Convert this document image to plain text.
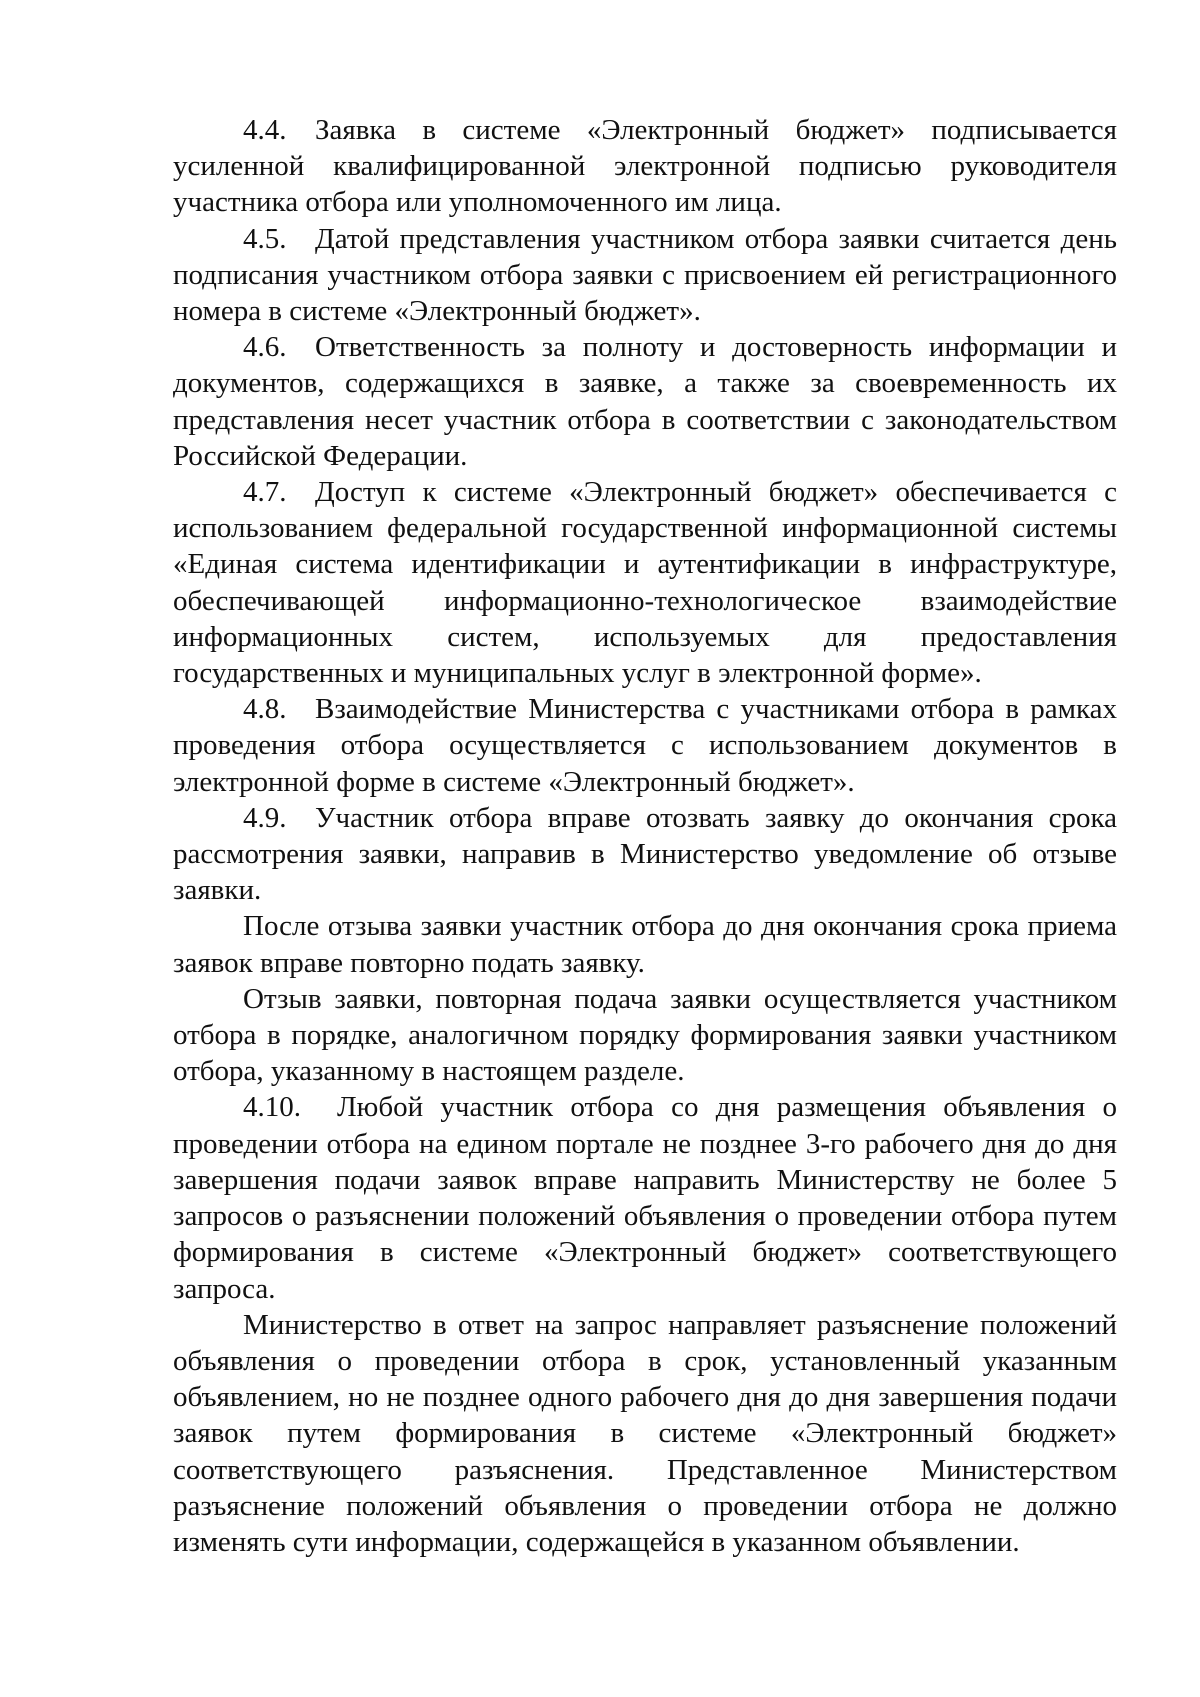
4.4. Заявка в системе «Электронный бюджет» подписывается усиленной квалифицированной электронной подписью руководителя участника отбора или уполномоченного им лица.

4.5. Датой представления участником отбора заявки считается день подписания участником отбора заявки с присвоением ей регистрационного номера в системе «Электронный бюджет».

4.6. Ответственность за полноту и достоверность информации и документов, содержащихся в заявке, а также за своевременность их представления несет участник отбора в соответствии с законодательством Российской Федерации.

4.7. Доступ к системе «Электронный бюджет» обеспечивается с использованием федеральной государственной информационной системы «Единая система идентификации и аутентификации в инфраструктуре, обеспечивающей информационно-технологическое взаимодействие информационных систем, используемых для предоставления государственных и муниципальных услуг в электронной форме».

4.8. Взаимодействие Министерства с участниками отбора в рамках проведения отбора осуществляется с использованием документов в электронной форме в системе «Электронный бюджет».

4.9. Участник отбора вправе отозвать заявку до окончания срока рассмотрения заявки, направив в Министерство уведомление об отзыве заявки.

После отзыва заявки участник отбора до дня окончания срока приема заявок вправе повторно подать заявку.

Отзыв заявки, повторная подача заявки осуществляется участником отбора в порядке, аналогичном порядку формирования заявки участником отбора, указанному в настоящем разделе.

4.10. Любой участник отбора со дня размещения объявления о проведении отбора на едином портале не позднее 3-го рабочего дня до дня завершения подачи заявок вправе направить Министерству не более 5 запросов о разъяснении положений объявления о проведении отбора путем формирования в системе «Электронный бюджет» соответствующего запроса.

Министерство в ответ на запрос направляет разъяснение положений объявления о проведении отбора в срок, установленный указанным объявлением, но не позднее одного рабочего дня до дня завершения подачи заявок путем формирования в системе «Электронный бюджет» соответствующего разъяснения. Представленное Министерством разъяснение положений объявления о проведении отбора не должно изменять сути информации, содержащейся в указанном объявлении.
